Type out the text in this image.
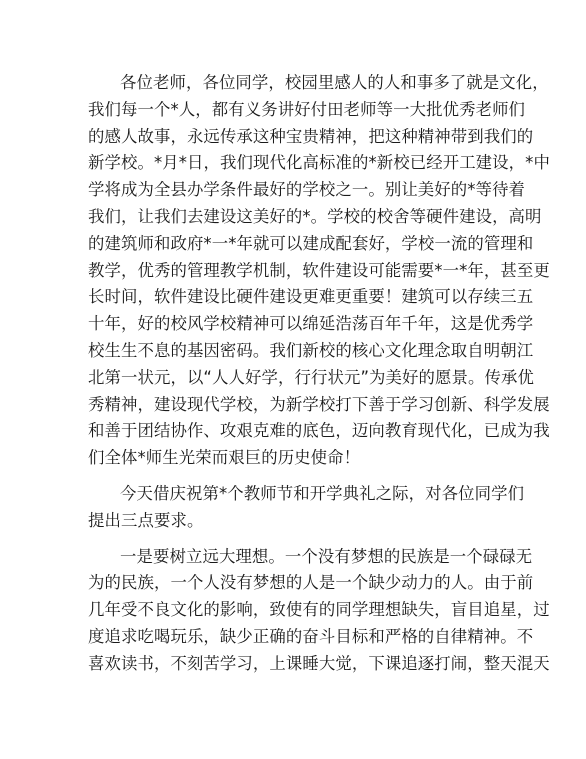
各位老师，各位同学，校园里感人的人和事多了就是文化，
我们每一个*人，都有义务讲好付田老师等一大批优秀老师们
的感人故事，永远传承这种宝贵精神，把这种精神带到我们的
新学校。*月*日，我们现代化高标准的*新校已经开工建设，*中
学将成为全县办学条件最好的学校之一。别让美好的*等待着
我们，让我们去建设这美好的*。学校的校舍等硬件建设，高明
的建筑师和政府*一*年就可以建成配套好，学校一流的管理和
教学，优秀的管理教学机制，软件建设可能需要*一*年，甚至更
长时间，软件建设比硬件建设更难更重要！建筑可以存续三五
十年，好的校风学校精神可以绵延浩荡百年千年，这是优秀学
校生生不息的基因密码。我们新校的核心文化理念取自明朝江
北第一状元，以“人人好学，行行状元”为美好的愿景。传承优
秀精神，建设现代学校，为新学校打下善于学习创新、科学发展
和善于团结协作、攻艰克难的底色，迈向教育现代化，已成为我
们全体*师生光荣而艰巨的历史使命！
今天借庆祝第*个教师节和开学典礼之际，对各位同学们
提出三点要求。
一是要树立远大理想。一个没有梦想的民族是一个碌碌无
为的民族，一个人没有梦想的人是一个缺少动力的人。由于前
几年受不良文化的影响，致使有的同学理想缺失，盲目追星，过
度追求吃喝玩乐，缺少正确的奋斗目标和严格的自律精神。不
喜欢读书，不刻苦学习，上课睡大觉，下课追逐打闹，整天混天
